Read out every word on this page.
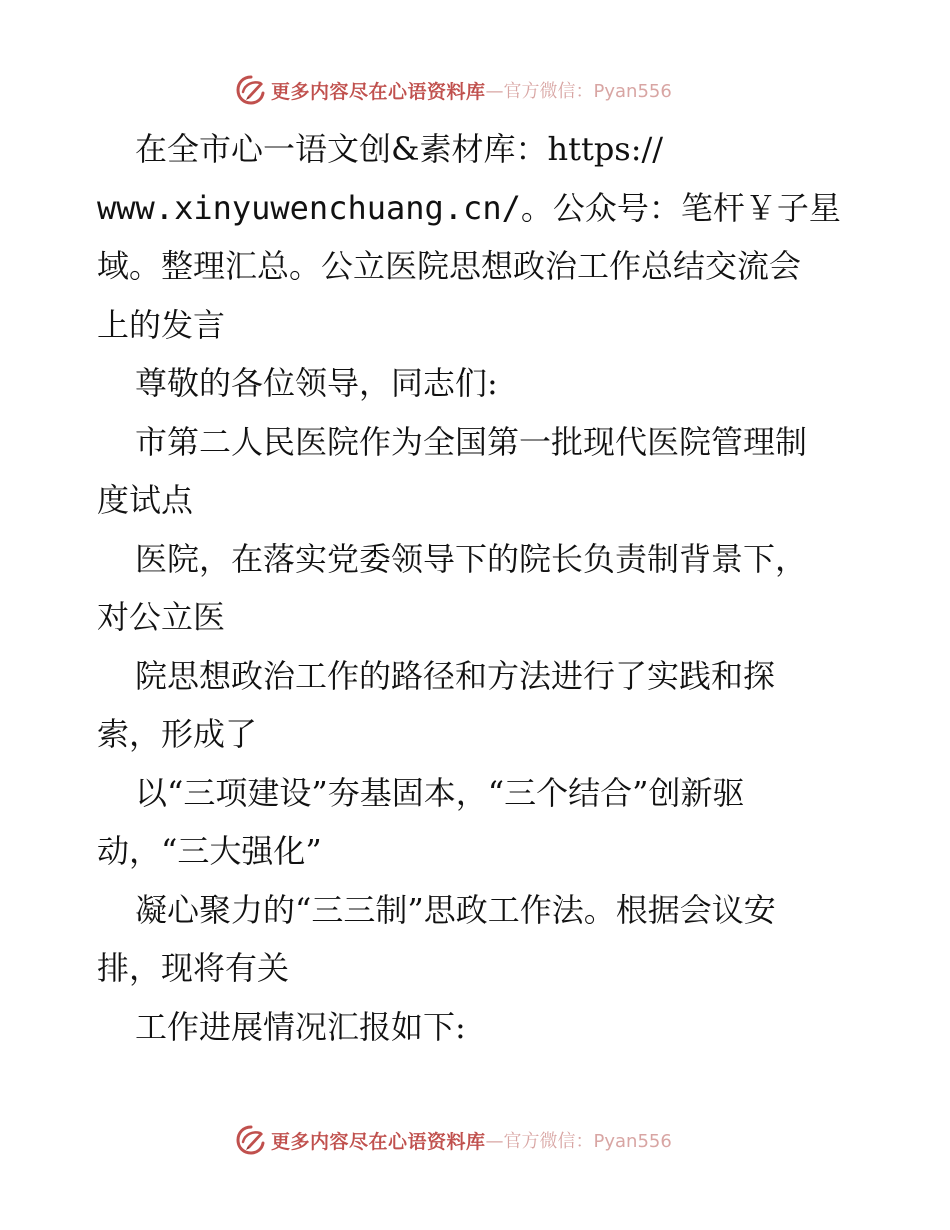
更多内容尽在心语资料库 —官方微信：Pyan556
在全市心一语文创&素材库：https://
www.xinyuwenchuang.cn/。公众号：笔杆￥子星
域。整理汇总。公立医院思想政治工作总结交流会
上的发言
尊敬的各位领导，同志们:
市第二人民医院作为全国第一批现代医院管理制
度试点
医院，在落实党委领导下的院长负责制背景下，
对公立医
院思想政治工作的路径和方法进行了实践和探
索，形成了
以“三项建设”夯基固本，“三个结合”创新驱
动，“三大强化”
凝心聚力的“三三制”思政工作法。根据会议安
排，现将有关
工作进展情况汇报如下:
更多内容尽在心语资料库 —官方微信：Pyan556
